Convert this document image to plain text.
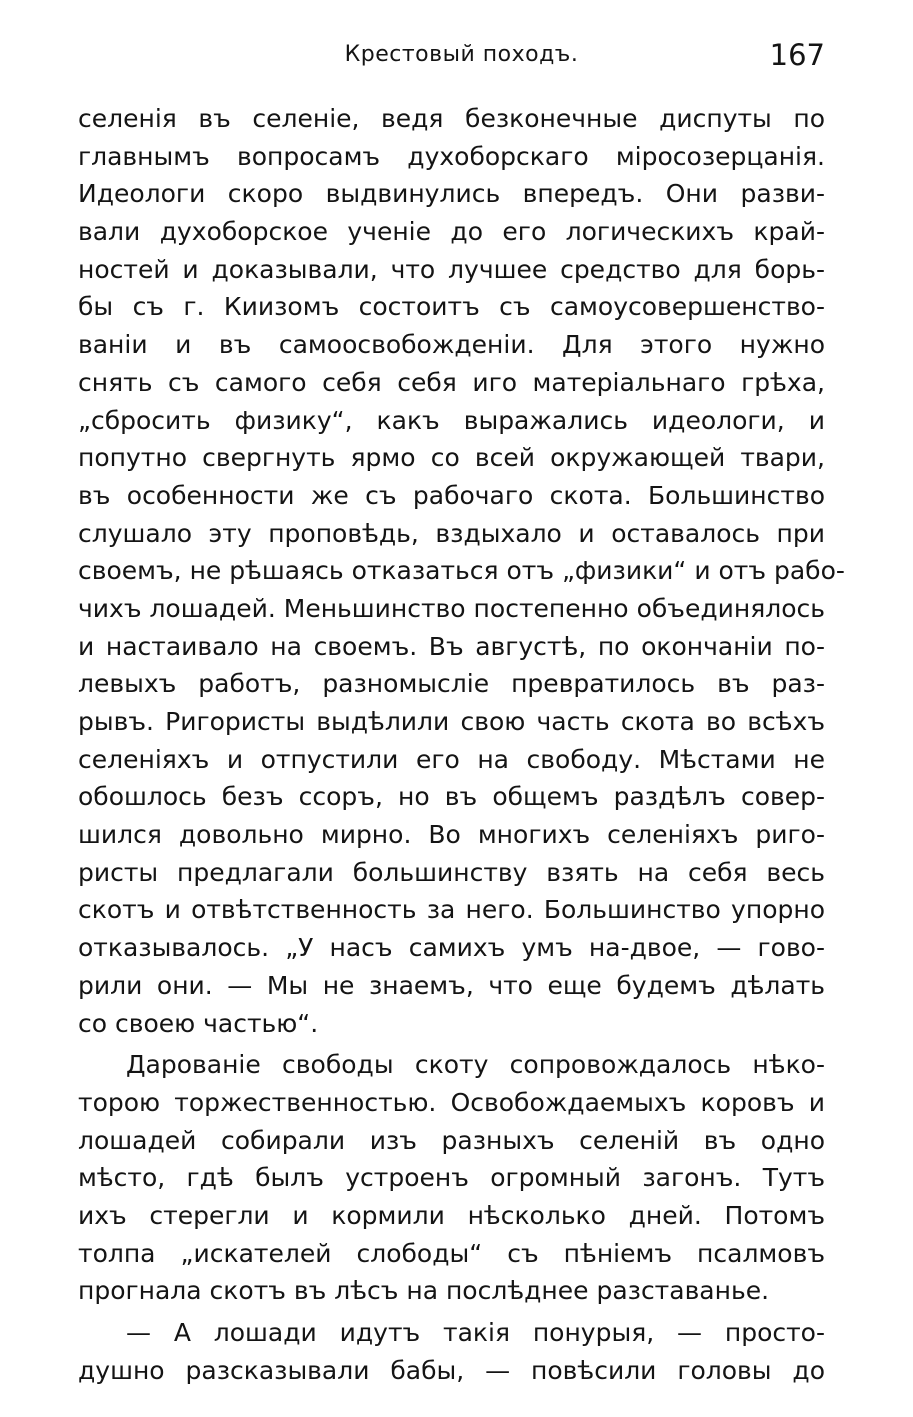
Крестовый походъ.	167
селенія въ селеніе, ведя безконечные диспуты по
главнымъ вопросамъ духоборскаго міросозерцанія.
Идеологи скоро выдвинулись впередъ. Они разви-
вали духоборское ученіе до его логическихъ край-
ностей и доказывали, что лучшее средство для борь-
бы съ г. Киизомъ состоитъ съ самоусовершенство-
ваніи и въ самоосвобожденіи. Для этого нужно
снять съ самого себя себя иго матеріальнаго грѣха,
„сбросить физику“, какъ выражались идеологи, и
попутно свергнуть ярмо со всей окружающей твари,
въ особенности же съ рабочаго скота. Большинство
слушало эту проповѣдь, вздыхало и оставалось при
своемъ, не рѣшаясь отказаться отъ „физики“ и отъ рабо-
чихъ лошадей. Меньшинство постепенно объединялось
и настаивало на своемъ. Въ августѣ, по окончаніи по-
левыхъ работъ, разномысліе превратилось въ раз-
рывъ. Ригористы выдѣлили свою часть скота во всѣхъ
селеніяхъ и отпустили его на свободу. Мѣстами не
обошлось безъ ссоръ, но въ общемъ раздѣлъ совер-
шился довольно мирно. Во многихъ селеніяхъ риго-
ристы предлагали большинству взять на себя весь
скотъ и отвѣтственность за него. Большинство упорно
отказывалось. „У насъ самихъ умъ на-двое, — гово-
рили они. — Мы не знаемъ, что еще будемъ дѣлать
со своею частью“.
Дарованіе свободы скоту сопровождалось нѣко-
торою торжественностью. Освобождаемыхъ коровъ и
лошадей собирали изъ разныхъ селеній въ одно
мѣсто, гдѣ былъ устроенъ огромный загонъ. Тутъ
ихъ стерегли и кормили нѣсколько дней. Потомъ
толпа „искателей слободы“ съ пѣніемъ псалмовъ
прогнала скотъ въ лѣсъ на послѣднее разставанье.
— А лошади идутъ такія понурыя, — просто-
душно разсказывали бабы, — повѣсили головы до
